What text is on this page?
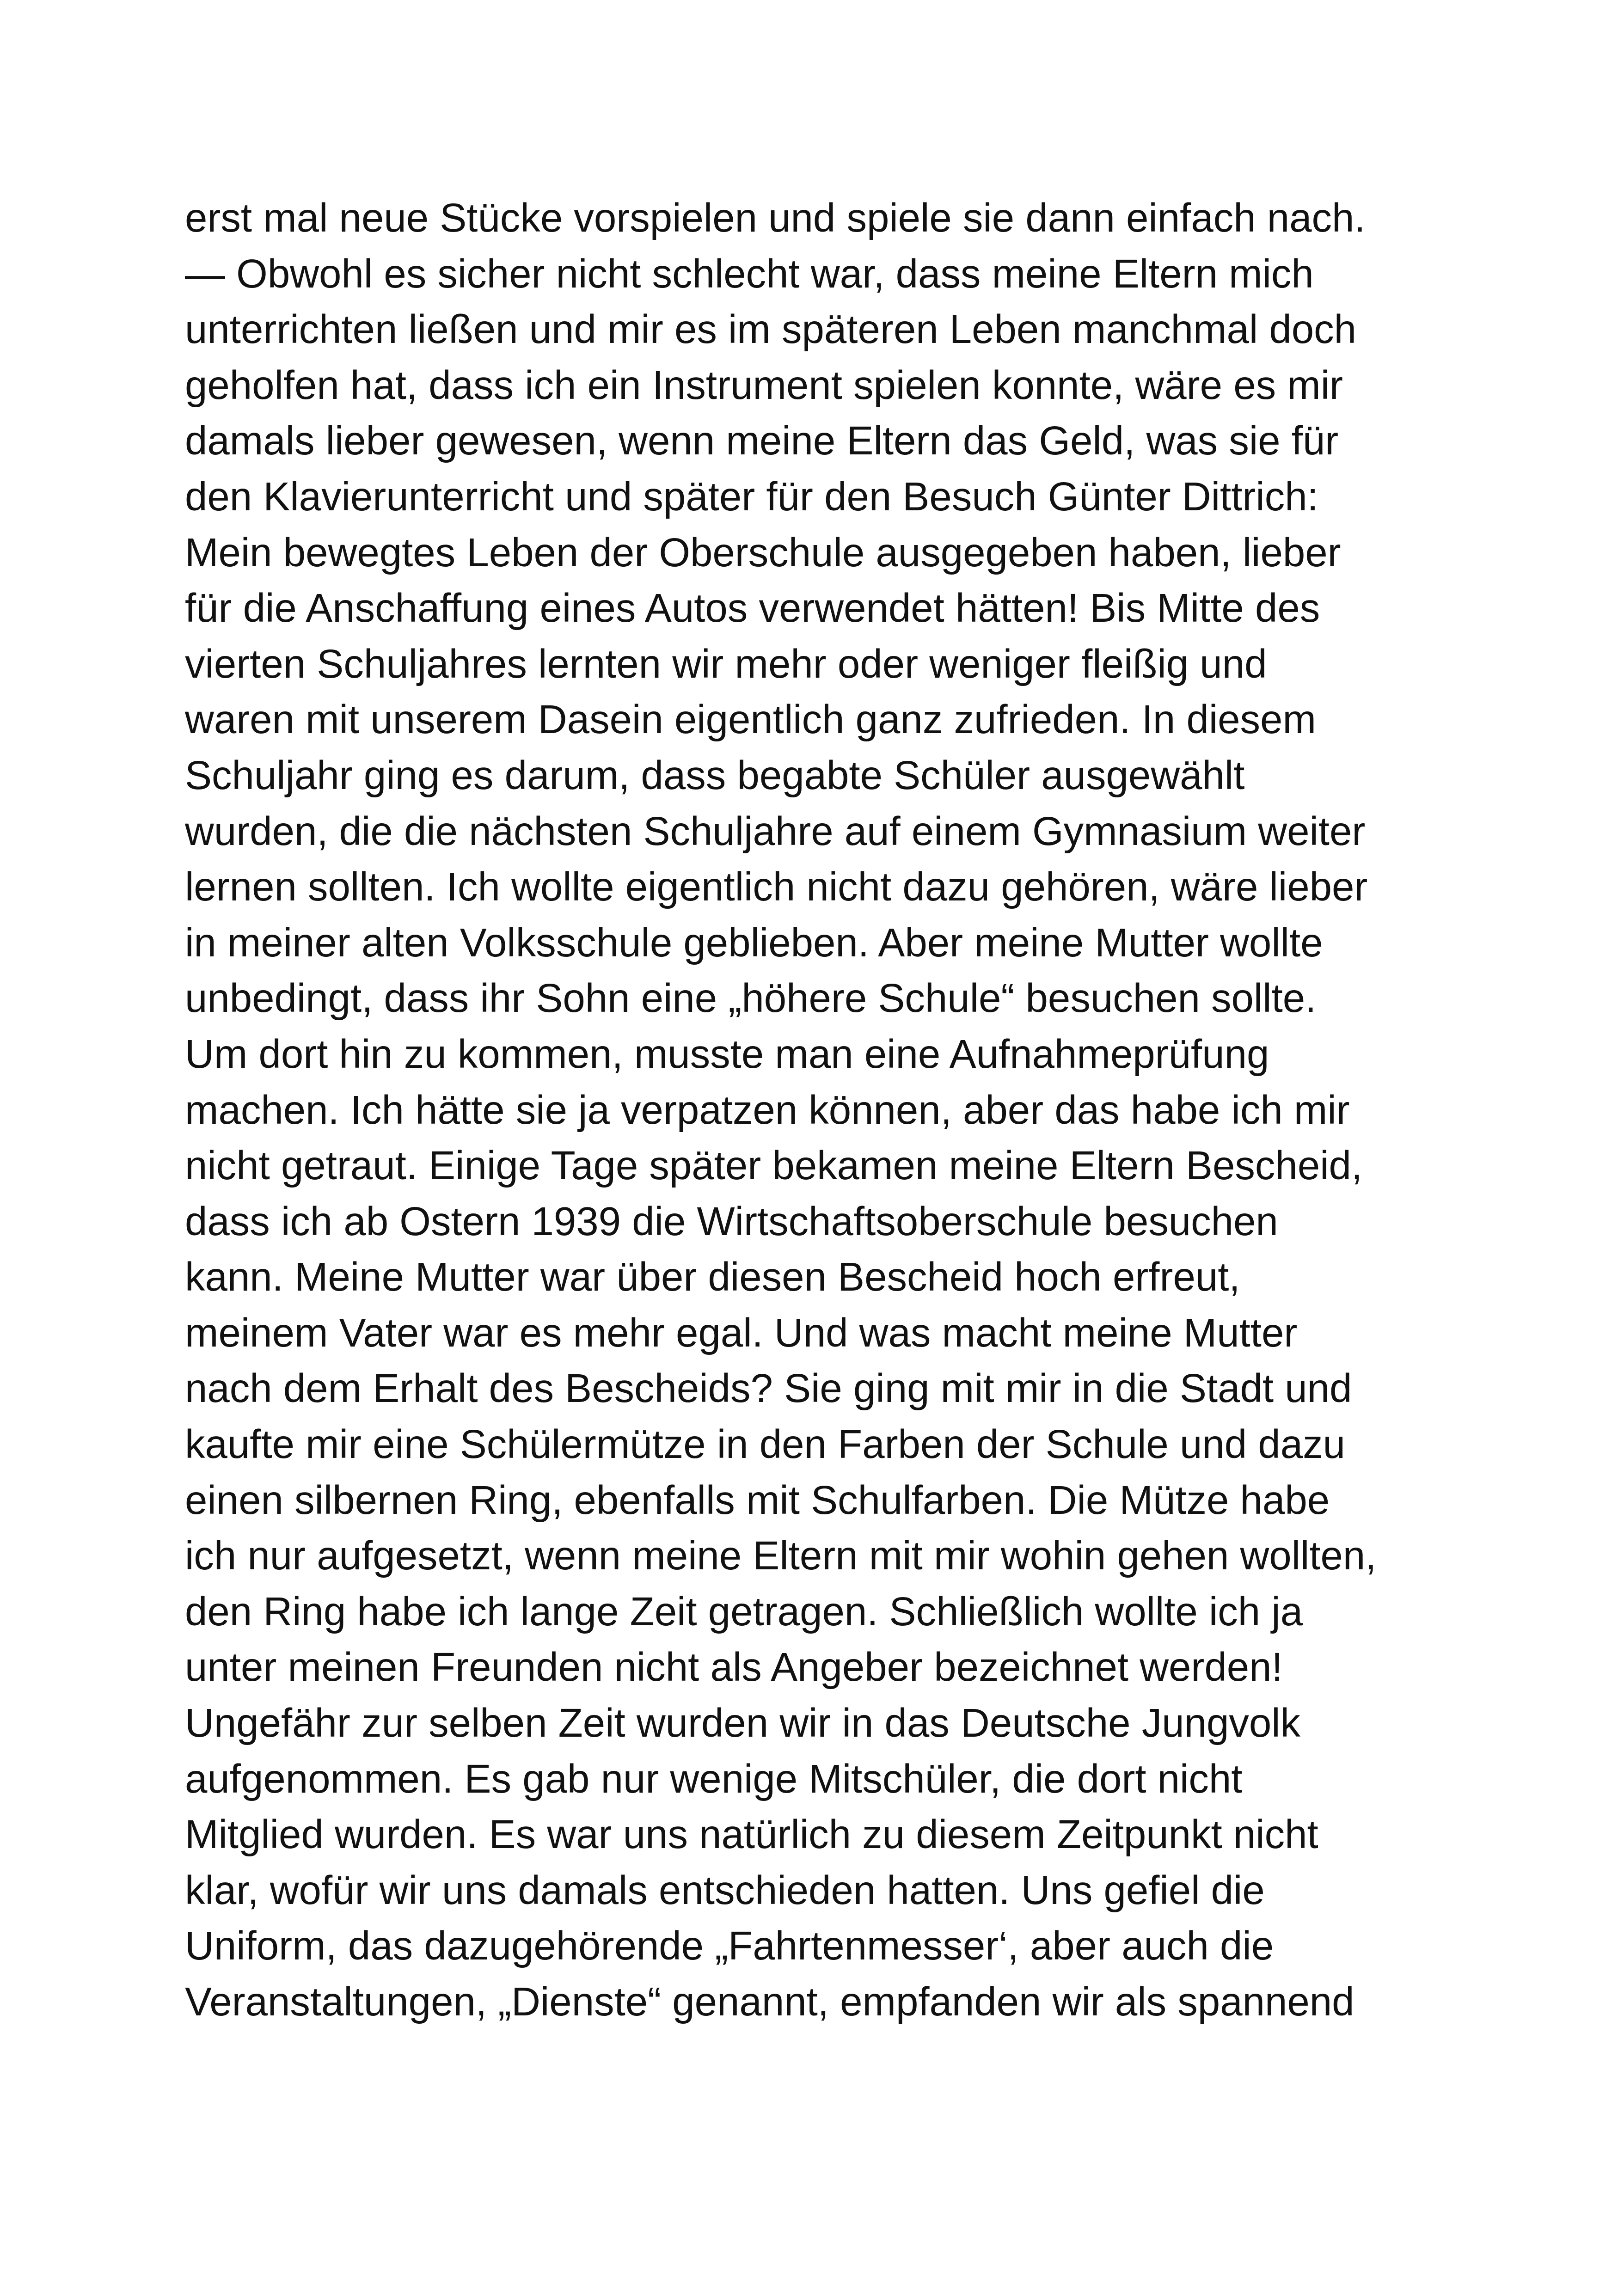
erst mal neue Stücke vorspielen und spiele sie dann einfach nach.
— Obwohl es sicher nicht schlecht war, dass meine Eltern mich
unterrichten ließen und mir es im späteren Leben manchmal doch
geholfen hat, dass ich ein Instrument spielen konnte, wäre es mir
damals lieber gewesen, wenn meine Eltern das Geld, was sie für
den Klavierunterricht und später für den Besuch Günter Dittrich:
Mein bewegtes Leben der Oberschule ausgegeben haben, lieber
für die Anschaffung eines Autos verwendet hätten! Bis Mitte des
vierten Schuljahres lernten wir mehr oder weniger fleißig und
waren mit unserem Dasein eigentlich ganz zufrieden. In diesem
Schuljahr ging es darum, dass begabte Schüler ausgewählt
wurden, die die nächsten Schuljahre auf einem Gymnasium weiter
lernen sollten. Ich wollte eigentlich nicht dazu gehören, wäre lieber
in meiner alten Volksschule geblieben. Aber meine Mutter wollte
unbedingt, dass ihr Sohn eine „höhere Schule“ besuchen sollte.
Um dort hin zu kommen, musste man eine Aufnahmeprüfung
machen. Ich hätte sie ja verpatzen können, aber das habe ich mir
nicht getraut. Einige Tage später bekamen meine Eltern Bescheid,
dass ich ab Ostern 1939 die Wirtschaftsoberschule besuchen
kann. Meine Mutter war über diesen Bescheid hoch erfreut,
meinem Vater war es mehr egal. Und was macht meine Mutter
nach dem Erhalt des Bescheids? Sie ging mit mir in die Stadt und
kaufte mir eine Schülermütze in den Farben der Schule und dazu
einen silbernen Ring, ebenfalls mit Schulfarben. Die Mütze habe
ich nur aufgesetzt, wenn meine Eltern mit mir wohin gehen wollten,
den Ring habe ich lange Zeit getragen. Schließlich wollte ich ja
unter meinen Freunden nicht als Angeber bezeichnet werden!
Ungefähr zur selben Zeit wurden wir in das Deutsche Jungvolk
aufgenommen. Es gab nur wenige Mitschüler, die dort nicht
Mitglied wurden. Es war uns natürlich zu diesem Zeitpunkt nicht
klar, wofür wir uns damals entschieden hatten. Uns gefiel die
Uniform, das dazugehörende „Fahrtenmesser‘, aber auch die
Veranstaltungen, „Dienste“ genannt, empfanden wir als spannend
